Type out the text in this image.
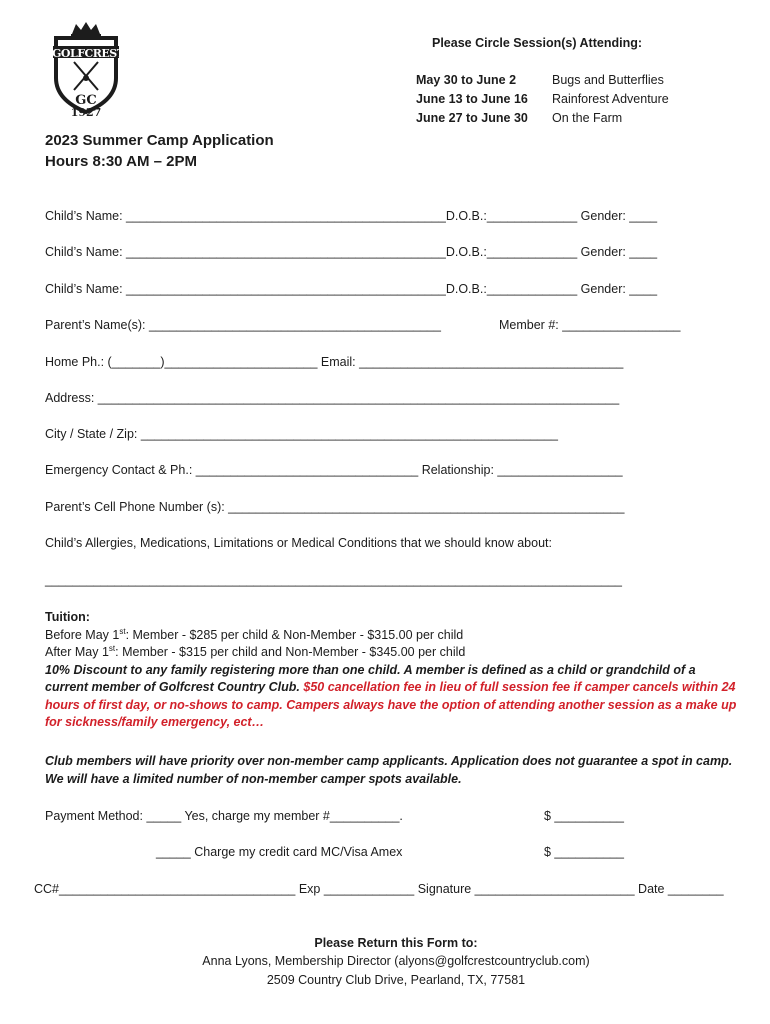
GC
GOLFCREST
1927
2023 Summer Camp Application
Hours 8:30 AM – 2PM
Please Circle Session(s) Attending:
May 30 to June 2	Bugs and Butterflies
June 13 to June 16 Rainforest Adventure
June 27 to June 30 On the Farm
Child’s Name: ______________________________________________D.O.B.:_____________ Gender: ____
Child’s Name: ______________________________________________D.O.B.:_____________ Gender: ____
Child’s Name: ______________________________________________D.O.B.:_____________ Gender: ____
Parent’s Name(s): __________________________________________	Member #: _________________
Home Ph.: (_______)______________________ Email: ______________________________________
Address: ___________________________________________________________________________
City / State / Zip: ____________________________________________________________
Emergency Contact & Ph.: ________________________________ Relationship: __________________
Parent’s Cell Phone Number (s): _________________________________________________________
Child’s Allergies, Medications, Limitations or Medical Conditions that we should know about:
___________________________________________________________________________________
Tuition:
Before May 1st: Member - $285 per child & Non-Member - $315.00 per child
After May 1st: Member - $315 per child and Non-Member - $345.00 per child
10% Discount to any family registering more than one child. A member is defined as a child or grandchild of a
current member of Golfcrest Country Club. $50 cancellation fee in lieu of full session fee if camper cancels within 24
hours of first day, or no-shows to camp. Campers always have the option of attending another session as a make up
for sickness/family emergency, ect…
Club members will have priority over non-member camp applicants. Application does not guarantee a spot in camp.
We will have a limited number of non-member camper spots available.
Payment Method: _____ Yes, charge my member #__________.	$ __________
_____ Charge my credit card MC/Visa Amex	$ __________
CC#__________________________________ Exp _____________ Signature _______________________ Date ________
Please Return this Form to:
Anna Lyons, Membership Director (alyons@golfcrestcountryclub.com)
2509 Country Club Drive, Pearland, TX, 77581
